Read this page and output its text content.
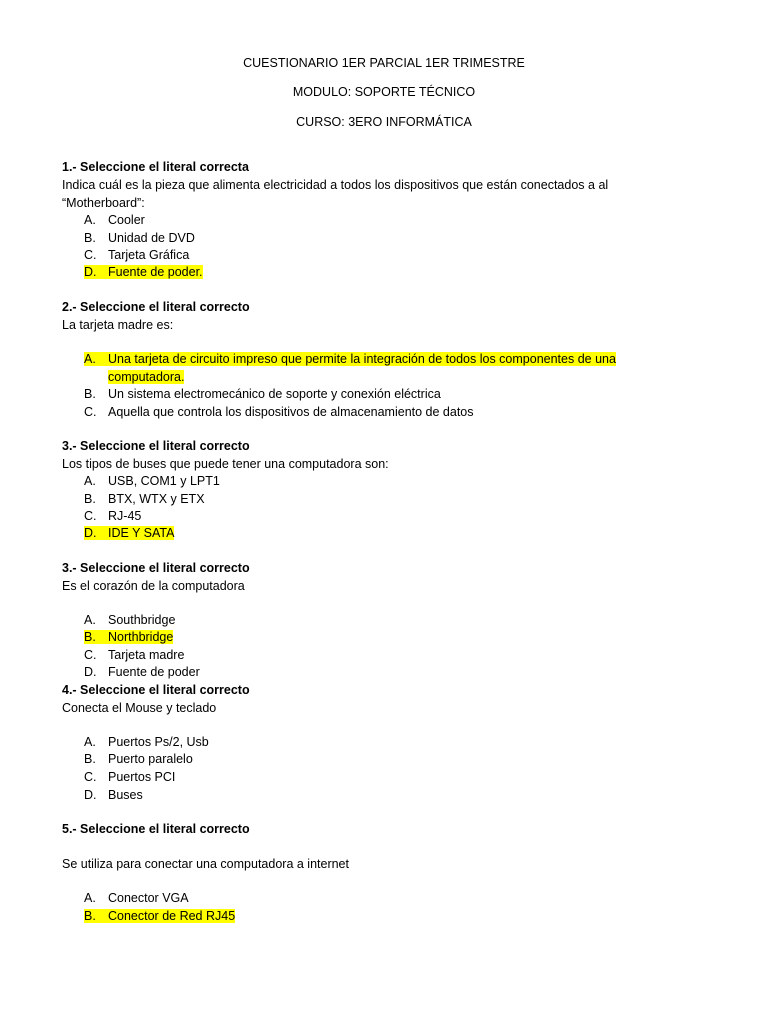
CUESTIONARIO 1ER PARCIAL 1ER TRIMESTRE
MODULO: SOPORTE TÉCNICO
CURSO: 3ERO INFORMÁTICA
1.- Seleccione el literal correcta
Indica cuál es la pieza que alimenta electricidad a todos los dispositivos que están conectados a al
“Motherboard”:
A. Cooler
B. Unidad de DVD
C. Tarjeta Gráfica
D. Fuente de poder.
2.- Seleccione el literal correcto
La tarjeta madre es:
A. Una tarjeta de circuito impreso que permite la integración de todos los componentes de una
computadora.
B. Un sistema electromecánico de soporte y conexión eléctrica
C. Aquella que controla los dispositivos de almacenamiento de datos
3.- Seleccione el literal correcto
Los tipos de buses que puede tener una computadora son:
A. USB, COM1 y LPT1
B. BTX, WTX y ETX
C. RJ-45
D. IDE Y SATA
3.- Seleccione el literal correcto
Es el corazón de la computadora
A. Southbridge
B. Northbridge
C. Tarjeta madre
D. Fuente de poder
4.- Seleccione el literal correcto
Conecta el Mouse y teclado
A. Puertos Ps/2, Usb
B. Puerto paralelo
C. Puertos PCI
D. Buses
5.- Seleccione el literal correcto
Se utiliza para conectar una computadora a internet
A. Conector VGA
B. Conector de Red RJ45
